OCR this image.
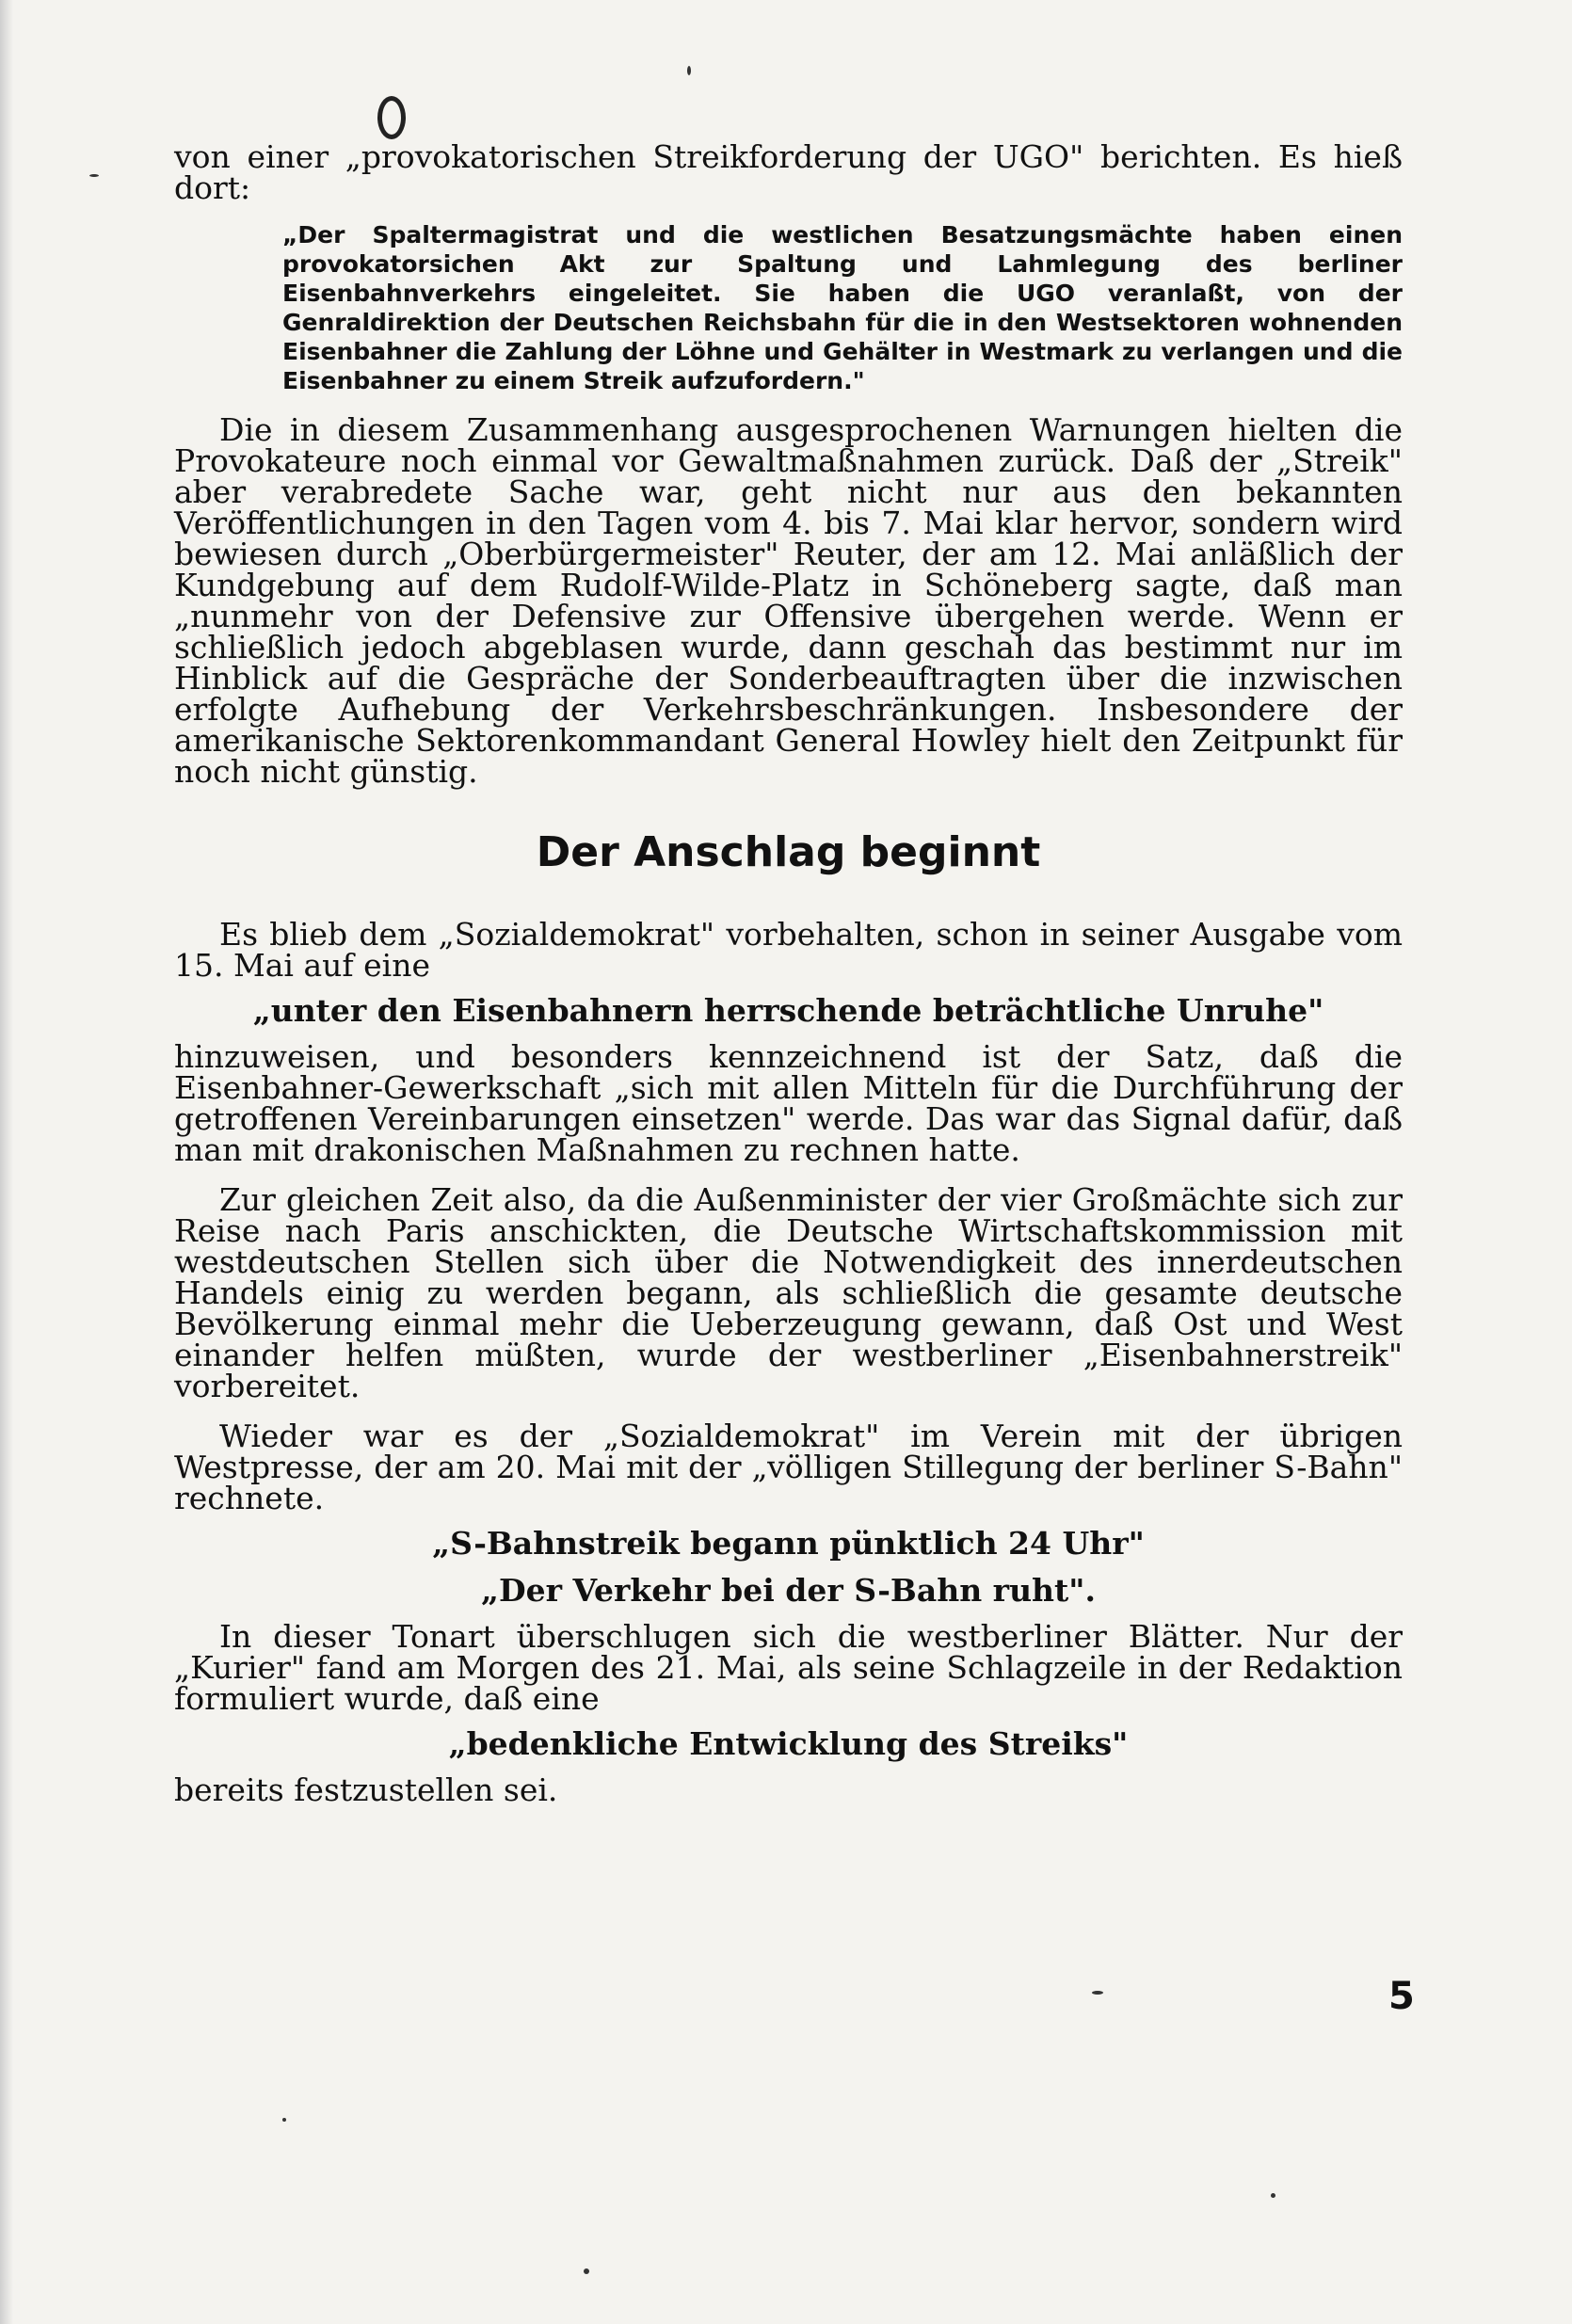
von einer „provokatorischen Streikforderung der UGO" berichten. Es hieß dort:

„Der Spaltermagistrat und die westlichen Besatzungsmächte haben einen provokatorsichen Akt zur Spaltung und Lahmlegung des berliner Eisenbahnverkehrs eingeleitet. Sie haben die UGO veranlaßt, von der Genraldirektion der Deutschen Reichsbahn für die in den Westsektoren wohnenden Eisenbahner die Zahlung der Löhne und Gehälter in Westmark zu verlangen und die Eisenbahner zu einem Streik aufzufordern."

Die in diesem Zusammenhang ausgesprochenen Warnungen hielten die Provokateure noch einmal vor Gewaltmaßnahmen zurück. Daß der „Streik" aber verabredete Sache war, geht nicht nur aus den bekannten Veröffentlichungen in den Tagen vom 4. bis 7. Mai klar hervor, sondern wird bewiesen durch „Oberbürgermeister" Reuter, der am 12. Mai anläßlich der Kundgebung auf dem Rudolf-Wilde-Platz in Schöneberg sagte, daß man „nunmehr von der Defensive zur Offensive übergehen werde. Wenn er schließlich jedoch abgeblasen wurde, dann geschah das bestimmt nur im Hinblick auf die Gespräche der Sonderbeauftragten über die inzwischen erfolgte Aufhebung der Verkehrsbeschränkungen. Insbesondere der amerikanische Sektorenkommandant General Howley hielt den Zeitpunkt für noch nicht günstig.

Der Anschlag beginnt

Es blieb dem „Sozialdemokrat" vorbehalten, schon in seiner Ausgabe vom 15. Mai auf eine

„unter den Eisenbahnern herrschende beträchtliche Unruhe"

hinzuweisen, und besonders kennzeichnend ist der Satz, daß die Eisenbahner-Gewerkschaft „sich mit allen Mitteln für die Durchführung der getroffenen Vereinbarungen einsetzen" werde. Das war das Signal dafür, daß man mit drakonischen Maßnahmen zu rechnen hatte.

Zur gleichen Zeit also, da die Außenminister der vier Großmächte sich zur Reise nach Paris anschickten, die Deutsche Wirtschaftskommission mit westdeutschen Stellen sich über die Notwendigkeit des innerdeutschen Handels einig zu werden begann, als schließlich die gesamte deutsche Bevölkerung einmal mehr die Ueberzeugung gewann, daß Ost und West einander helfen müßten, wurde der westberliner „Eisenbahnerstreik" vorbereitet.

Wieder war es der „Sozialdemokrat" im Verein mit der übrigen Westpresse, der am 20. Mai mit der „völligen Stillegung der berliner S-Bahn" rechnete.

„S-Bahnstreik begann pünktlich 24 Uhr"
„Der Verkehr bei der S-Bahn ruht".

In dieser Tonart überschlugen sich die westberliner Blätter. Nur der „Kurier" fand am Morgen des 21. Mai, als seine Schlagzeile in der Redaktion formuliert wurde, daß eine

„bedenkliche Entwicklung des Streiks"

bereits festzustellen sei.

5
